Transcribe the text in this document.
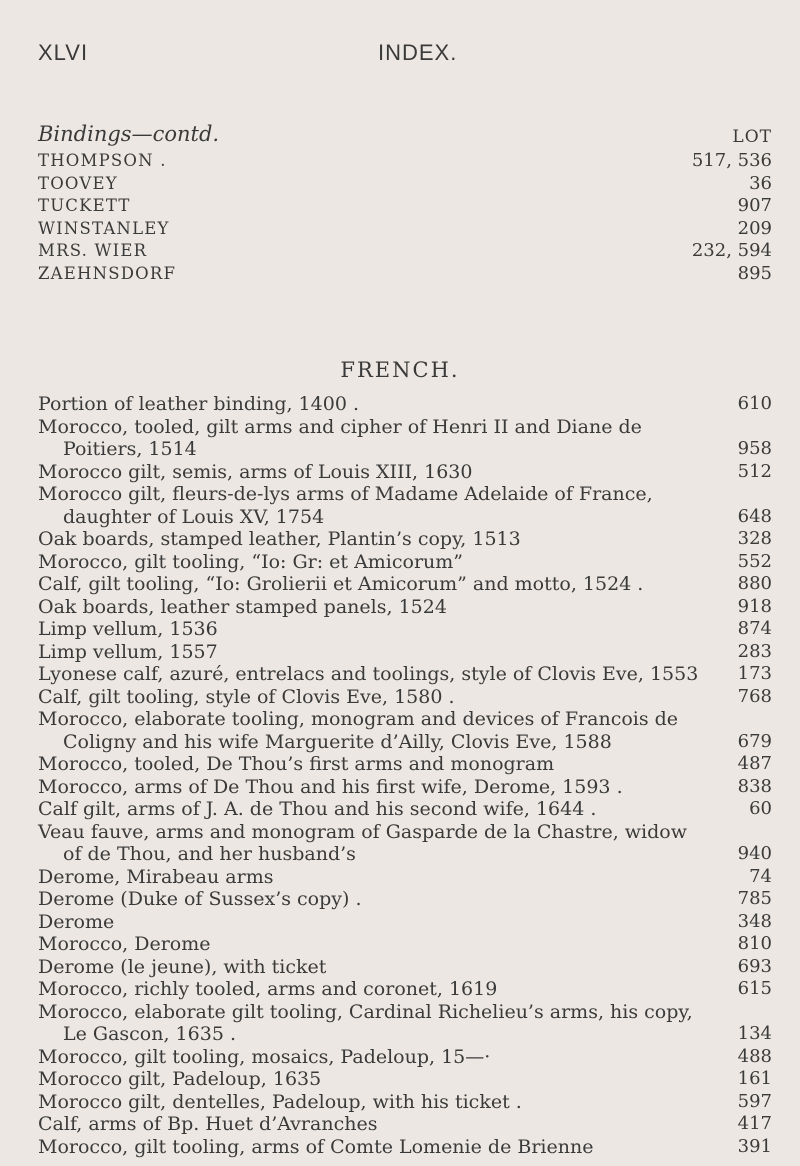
XLVI	INDEX.
Bindings—contd.	LOT
THOMPSON .	517, 536
TOOVEY	36
TUCKETT	907
WINSTANLEY	209
MRS. WIER	232, 594
ZAEHNSDORF	895
FRENCH.
Portion of leather binding, 1400 .	610
Morocco, tooled, gilt arms and cipher of Henri II and Diane de
Poitiers, 1514	958
Morocco gilt, semis, arms of Louis XIII, 1630	512
Morocco gilt, fleurs-de-lys arms of Madame Adelaide of France,
daughter of Louis XV, 1754	648
Oak boards, stamped leather, Plantin’s copy, 1513	328
Morocco, gilt tooling, “Io: Gr: et Amicorum”	552
Calf, gilt tooling, “Io: Grolierii et Amicorum” and motto, 1524 .	880
Oak boards, leather stamped panels, 1524	918
Limp vellum, 1536	874
Limp vellum, 1557	283
Lyonese calf, azuré, entrelacs and toolings, style of Clovis Eve, 1553 173
Calf, gilt tooling, style of Clovis Eve, 1580 .	768
Morocco, elaborate tooling, monogram and devices of Francois de
Coligny and his wife Marguerite d’Ailly, Clovis Eve, 1588	679
Morocco, tooled, De Thou’s first arms and monogram	487
Morocco, arms of De Thou and his first wife, Derome, 1593 .	838
Calf gilt, arms of J. A. de Thou and his second wife, 1644 .	60
Veau fauve, arms and monogram of Gasparde de la Chastre, widow
of de Thou, and her husband’s	940
Derome, Mirabeau arms	74
Derome (Duke of Sussex’s copy) .	785
Derome	348
Morocco, Derome	810
Derome (le jeune), with ticket	693
Morocco, richly tooled, arms and coronet, 1619	615
Morocco, elaborate gilt tooling, Cardinal Richelieu’s arms, his copy,
Le Gascon, 1635 .	134
Morocco, gilt tooling, mosaics, Padeloup, 15—·	488
Morocco gilt, Padeloup, 1635	161
Morocco gilt, dentelles, Padeloup, with his ticket .	597
Calf, arms of Bp. Huet d’Avranches	417
Morocco, gilt tooling, arms of Comte Lomenie de Brienne	391
